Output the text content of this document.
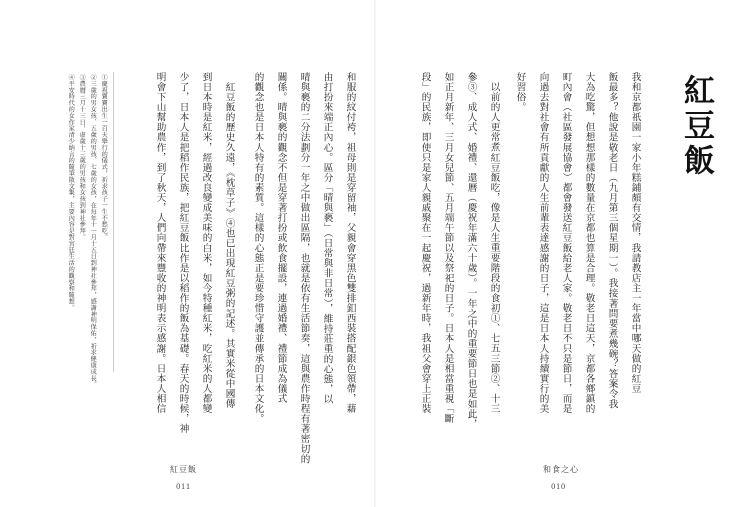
和服的紋付袴，祖母則是穿留袖，父親會穿黑色雙排釦西裝搭配銀色領帶，藉
由打扮來端正內心。區分「晴與褻」（日常與非日常），維持莊重的心態，以
晴與褻的二分法劃分一年之中做出區隔，也就是依有生活節奏，這與農作時程有著密切的
關係。晴與褻的觀念不但是穿著打扮或飲食擺設，連過婚禮、禮節成為儀式
的觀念也是日本人特有的素質。這樣的心態正是要珍惜守護並傳承的日本文化。
紅豆飯的歷史久遠，《枕草子》④也已出現紅豆粥的記述。其實米從中國傳
到日本時是紅米，經過改良變成美味的白米，如今特種紅米，吃紅米的人都變
少了，日本人是把稻作民族，把紅豆飯比作是以稻作的飯為基礎。春天的時候，神
明會下山幫助農作，到了秋天，人們向帶來豐收的神明表示感謝。日本人相信
①慶祝寶寶出生一百天舉行的儀式，祈求孩子一生不愁吃。
②三歲的男女孩、五歲的男孩、七歲的女孩，在每年十一月十五日到神社參拜，感謝神明保佑，祈求健康成長。
③農曆三月十三日，虛歲十三歲的男孩和女孩到神社參拜。
④平安時代的女作家清少納言的隨筆散文集，主要內容是對宮廷生活的觀察和隨想。
紅豆飯
011
紅豆飯
我和京都祇園一家小年糕鋪頗有交情，我請教店主一年當中哪天做的紅豆
飯最多？他說是敬老日（九月第三個星期一）。我接著問要煮幾碗？答案令我
大為吃驚，但想想那樣的數量在京都也算是合理。敬老日這天，京都各鄉鎮的
町內會（社區發展協會）都會發送紅豆飯給老人家。敬老日不只是節日，而是
向過去對社會有所貢獻的人生前輩表達感謝的日子，這是日本人持續實行的美
好習俗。
以前的人更常煮紅豆飯吃，像是人生重要階段的食初①、七五三節②、十三
參③、成人式、婚禮、還曆（慶祝年滿六十歲）。一年之中的重要節日也是如此，
如正月新年、三月女兒節、五月端午節以及祭祀的日子。日本人是相當重視「斷
段」的民族，即使只是家人親戚聚在一起慶祝，過新年時，我祖父會穿上正裝
和食之心
010
